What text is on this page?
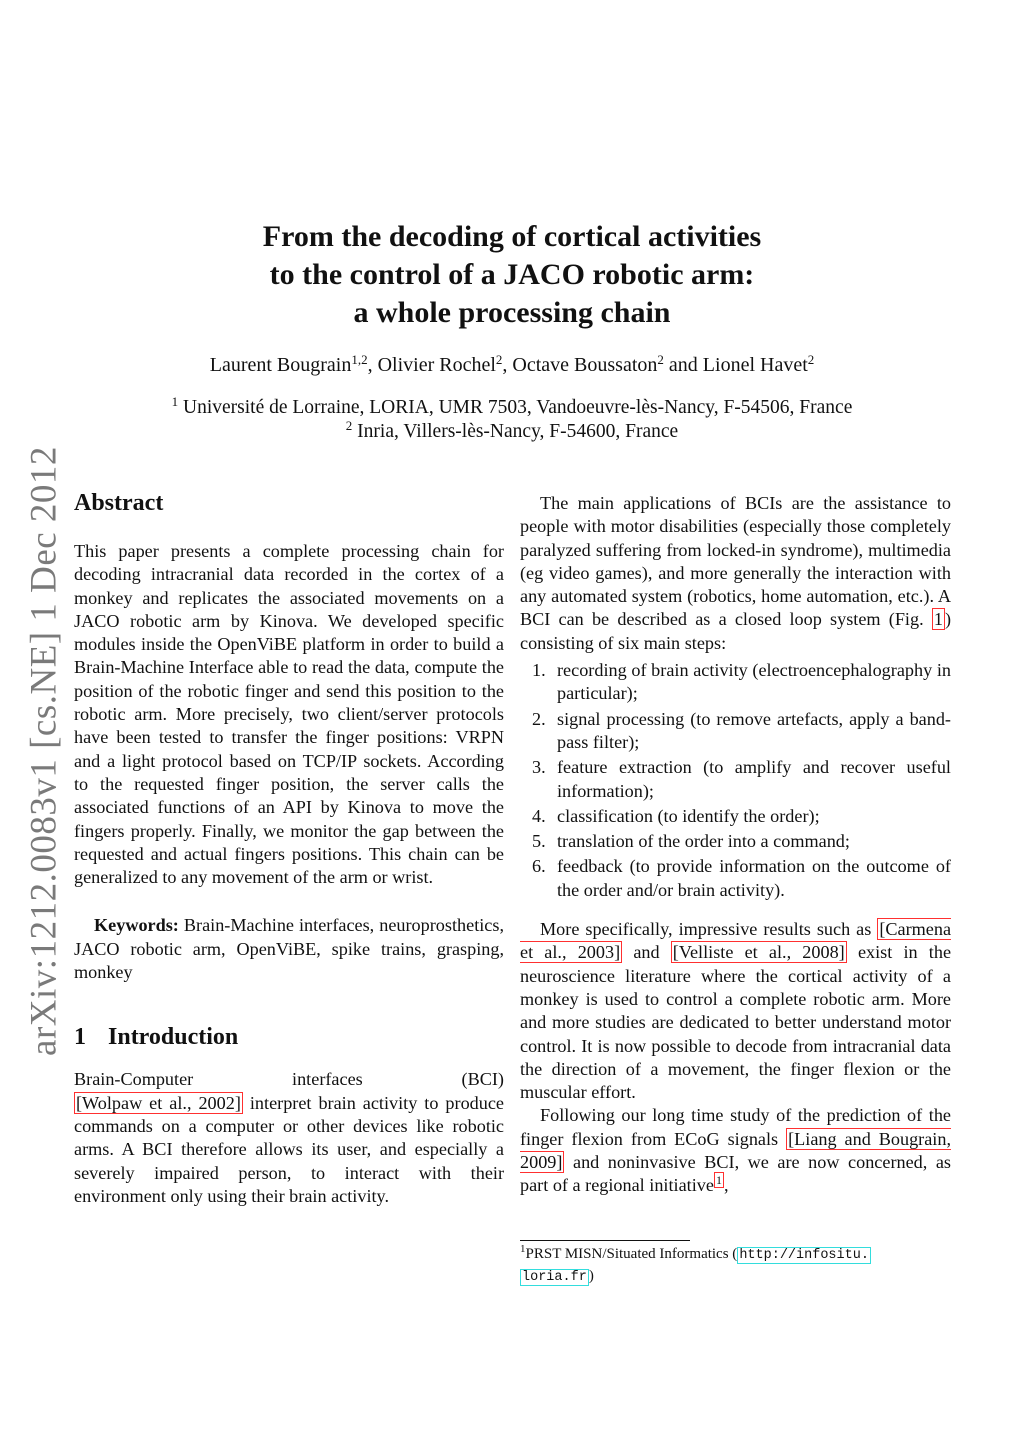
arXiv:1212.0083v1 [cs.NE] 1 Dec 2012
From the decoding of cortical activities
to the control of a JACO robotic arm:
a whole processing chain
Laurent Bougrain$^{1,2}$, Olivier Rochel$^2$, Octave Boussaton$^2$ and Lionel Havet$^2$
$^1$ Université de Lorraine, LORIA, UMR 7503, Vandoeuvre-lès-Nancy, F-54506, France
$^2$ Inria, Villers-lès-Nancy, F-54600, France
Abstract

This paper presents a complete processing chain for decoding intracranial data recorded in the cortex of a monkey and replicates the associated movements on a JACO robotic arm by Kinova. We developed specific modules inside the OpenViBE platform in order to build a Brain-Machine Interface able to read the data, compute the position of the robotic finger and send this position to the robotic arm. More precisely, two client/server protocols have been tested to transfer the finger positions: VRPN and a light protocol based on TCP/IP sockets. According to the requested finger position, the server calls the associated functions of an API by Kinova to move the fingers properly. Finally, we monitor the gap between the requested and actual fingers positions. This chain can be generalized to any movement of the arm or wrist.

Keywords: Brain-Machine interfaces, neuroprosthetics, JACO robotic arm, OpenViBE, spike trains, grasping, monkey

1 Introduction

Brain-Computer interfaces (BCI)
[Wolpaw et al., 2002] interpret brain activity to produce commands on a computer or other devices like robotic arms. A BCI therefore allows its user, and especially a severely impaired person, to interact with their environment only using their brain activity.

The main applications of BCIs are the assistance to people with motor disabilities (especially those completely paralyzed suffering from locked-in syndrome), multimedia (eg video games), and more generally the interaction with any automated system (robotics, home automation, etc.). A BCI can be described as a closed loop system (Fig. 1 ) consisting of six main steps:

1. recording of brain activity (electroencephalography in particular);
2. signal processing (to remove artefacts, apply a band-pass filter);
3. feature extraction (to amplify and recover useful information);
4. classification (to identify the order);
5. translation of the order into a command;
6. feedback (to provide information on the outcome of the order and/or brain activity).

More specifically, impressive results such as [Carmena et al., 2003] and [Velliste et al., 2008] exist in the neuroscience literature where the cortical activity of a monkey is used to control a complete robotic arm. More and more studies are dedicated to better understand motor control. It is now possible to decode from intracranial data the direction of a movement, the finger flexion or the muscular effort.

Following our long time study of the prediction of the finger flexion from ECoG signals [Liang and Bougrain, 2009] and noninvasive BCI, we are now concerned, as part of a regional initiative $^1$ ,

$^1$PRST MISN/Situated Informatics ( http://infositu.
loria.fr )
